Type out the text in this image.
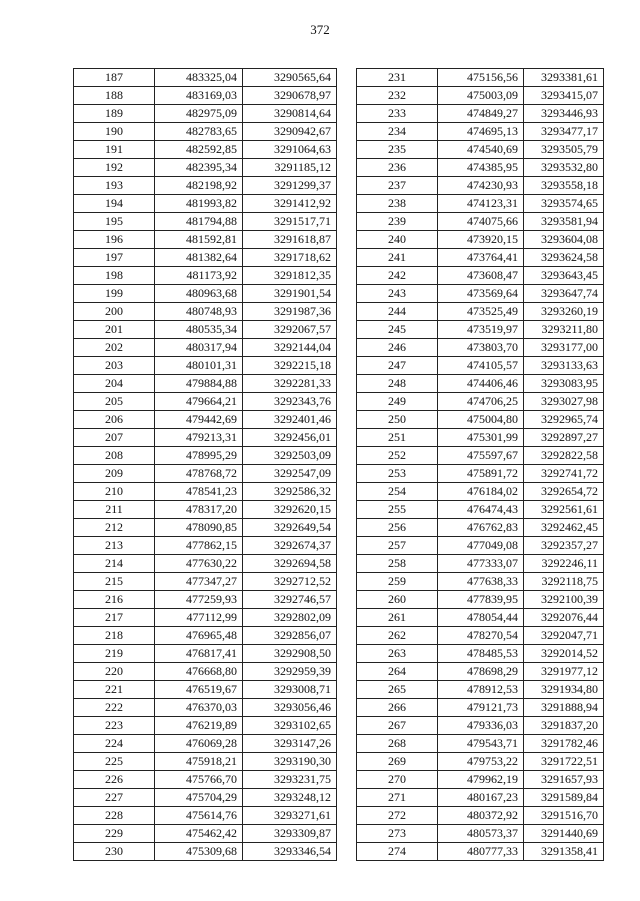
372
187	483325,04	3290565,64
188	483169,03	3290678,97
189	482975,09	3290814,64
190	482783,65	3290942,67
191	482592,85	3291064,63
192	482395,34	3291185,12
193	482198,92	3291299,37
194	481993,82	3291412,92
195	481794,88	3291517,71
196	481592,81	3291618,87
197	481382,64	3291718,62
198	481173,92	3291812,35
199	480963,68	3291901,54
200	480748,93	3291987,36
201	480535,34	3292067,57
202	480317,94	3292144,04
203	480101,31	3292215,18
204	479884,88	3292281,33
205	479664,21	3292343,76
206	479442,69	3292401,46
207	479213,31	3292456,01
208	478995,29	3292503,09
209	478768,72	3292547,09
210	478541,23	3292586,32
211	478317,20	3292620,15
212	478090,85	3292649,54
213	477862,15	3292674,37
214	477630,22	3292694,58
215	477347,27	3292712,52
216	477259,93	3292746,57
217	477112,99	3292802,09
218	476965,48	3292856,07
219	476817,41	3292908,50
220	476668,80	3292959,39
221	476519,67	3293008,71
222	476370,03	3293056,46
223	476219,89	3293102,65
224	476069,28	3293147,26
225	475918,21	3293190,30
226	475766,70	3293231,75
227	475704,29	3293248,12
228	475614,76	3293271,61
229	475462,42	3293309,87
230	475309,68	3293346,54
231	475156,56	3293381,61
232	475003,09	3293415,07
233	474849,27	3293446,93
234	474695,13	3293477,17
235	474540,69	3293505,79
236	474385,95	3293532,80
237	474230,93	3293558,18
238	474123,31	3293574,65
239	474075,66	3293581,94
240	473920,15	3293604,08
241	473764,41	3293624,58
242	473608,47	3293643,45
243	473569,64	3293647,74
244	473525,49	3293260,19
245	473519,97	3293211,80
246	473803,70	3293177,00
247	474105,57	3293133,63
248	474406,46	3293083,95
249	474706,25	3293027,98
250	475004,80	3292965,74
251	475301,99	3292897,27
252	475597,67	3292822,58
253	475891,72	3292741,72
254	476184,02	3292654,72
255	476474,43	3292561,61
256	476762,83	3292462,45
257	477049,08	3292357,27
258	477333,07	3292246,11
259	477638,33	3292118,75
260	477839,95	3292100,39
261	478054,44	3292076,44
262	478270,54	3292047,71
263	478485,53	3292014,52
264	478698,29	3291977,12
265	478912,53	3291934,80
266	479121,73	3291888,94
267	479336,03	3291837,20
268	479543,71	3291782,46
269	479753,22	3291722,51
270	479962,19	3291657,93
271	480167,23	3291589,84
272	480372,92	3291516,70
273	480573,37	3291440,69
274	480777,33	3291358,41
